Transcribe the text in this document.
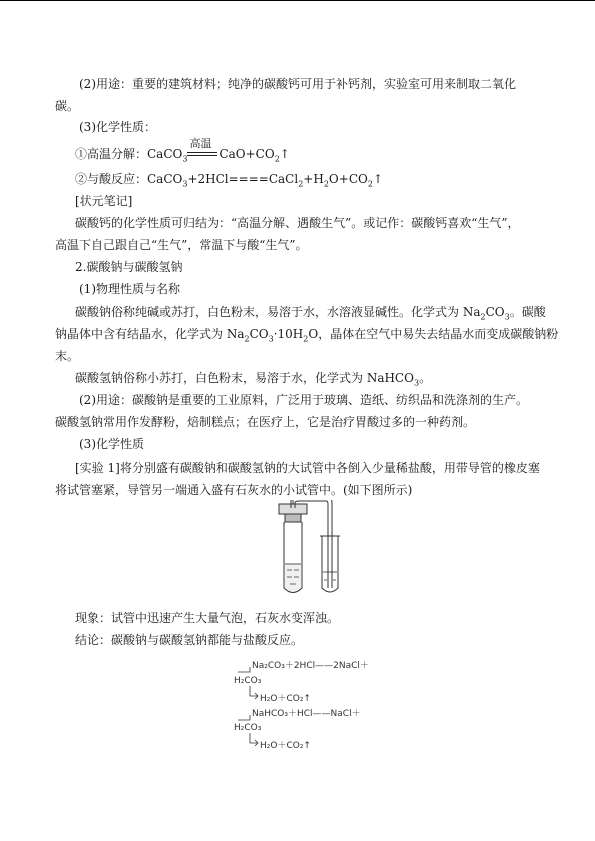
(2)用途：重要的建筑材料；纯净的碳酸钙可用于补钙剂，实验室可用来制取二氧化
碳。
(3)化学性质：
①高温分解：CaCO$_3$
高温
$CaO+CO_2↑$
②与酸反应：$CaCO_3+2HCl====CaCl_2+H_2O+CO_2↑$
[状元笔记]
碳酸钙的化学性质可归结为：“高温分解、遇酸生气”。或记作：碳酸钙喜欢“生气”，
高温下自己跟自己“生气”，常温下与酸“生气”。
2.碳酸钠与碳酸氢钠
(1)物理性质与名称
碳酸钠俗称纯碱或苏打，白色粉末，易溶于水，水溶液显碱性。化学式为 $Na_2CO_3$。碳酸
钠晶体中含有结晶水，化学式为 $Na_2CO_3\cdot 10H_2O$，晶体在空气中易失去结晶水而变成碳酸钠粉
末。
碳酸氢钠俗称小苏打，白色粉末，易溶于水，化学式为 NaHCO$_3$。
(2)用途：碳酸钠是重要的工业原料，广泛用于玻璃、造纸、纺织品和洗涤剂的生产。
碳酸氢钠常用作发酵粉，焙制糕点；在医疗上，它是治疗胃酸过多的一种药剂。
(3)化学性质
[实验 1]将分别盛有碳酸钠和碳酸氢钠的大试管中各倒入少量稀盐酸，用带导管的橡皮塞
将试管塞紧，导管另一端通入盛有石灰水的小试管中。(如下图所示)
现象：试管中迅速产生大量气泡，石灰水变浑浊。
结论：碳酸钠与碳酸氢钠都能与盐酸反应。
Na₂CO₃＋2HCl——2NaCl＋
H₂CO₃
H₂O＋CO₂↑
NaHCO₃＋HCl——NaCl＋
H₂CO₃
H₂O＋CO₂↑
